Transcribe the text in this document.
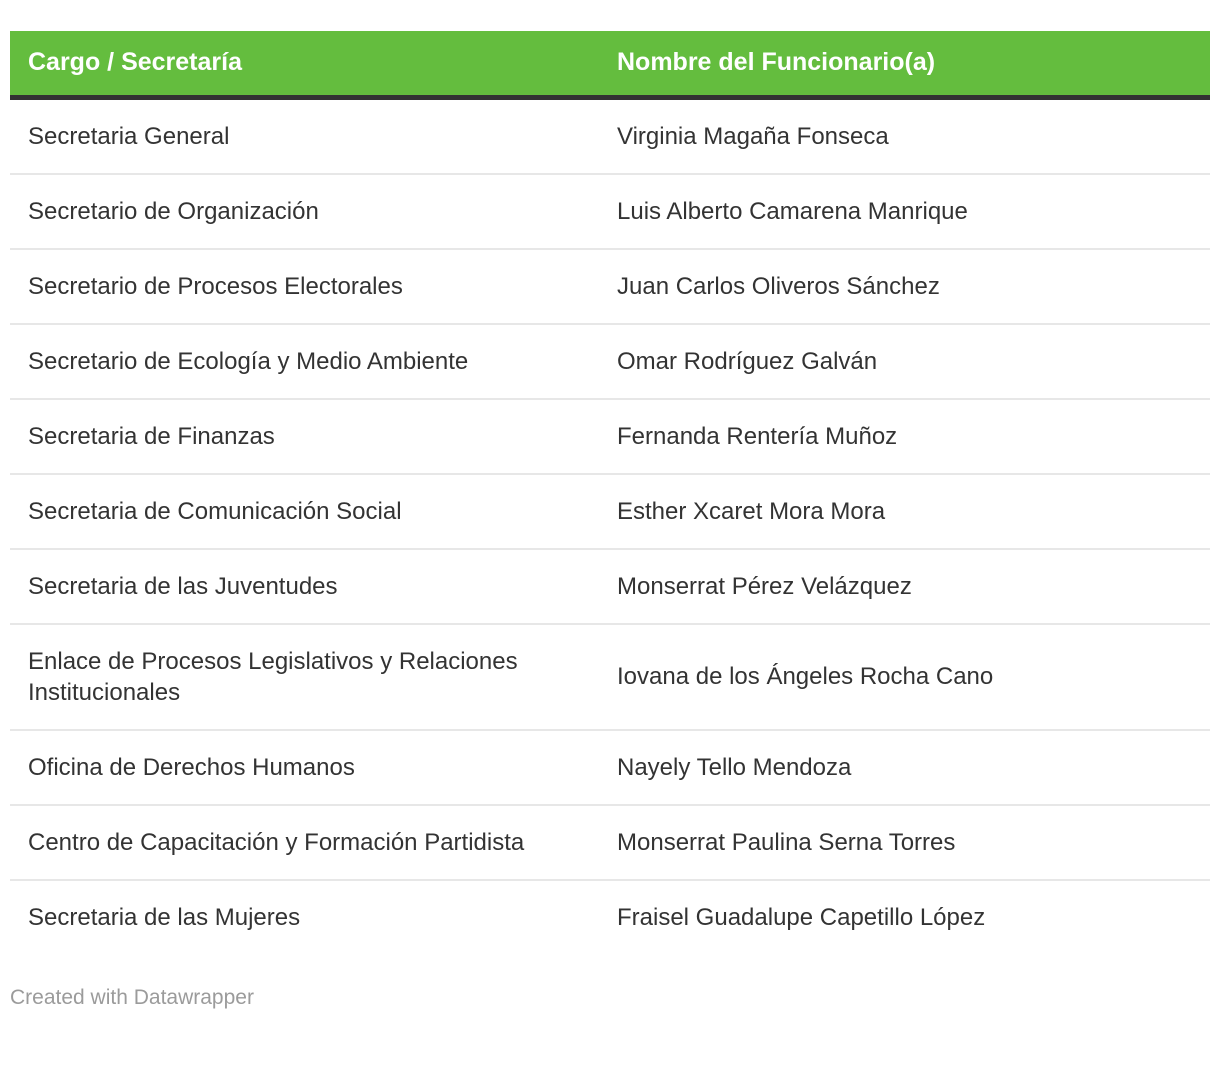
Cargo / Secretaría	Nombre del Funcionario(a)
Secretaria General	Virginia Magaña Fonseca
Secretario de Organización	Luis Alberto Camarena Manrique
Secretario de Procesos Electorales	Juan Carlos Oliveros Sánchez
Secretario de Ecología y Medio Ambiente	Omar Rodríguez Galván
Secretaria de Finanzas	Fernanda Rentería Muñoz
Secretaria de Comunicación Social	Esther Xcaret Mora Mora
Secretaria de las Juventudes	Monserrat Pérez Velázquez
Enlace de Procesos Legislativos y Relaciones Institucionales	Iovana de los Ángeles Rocha Cano
Oficina de Derechos Humanos	Nayely Tello Mendoza
Centro de Capacitación y Formación Partidista	Monserrat Paulina Serna Torres
Secretaria de las Mujeres	Fraisel Guadalupe Capetillo López
Created with Datawrapper
